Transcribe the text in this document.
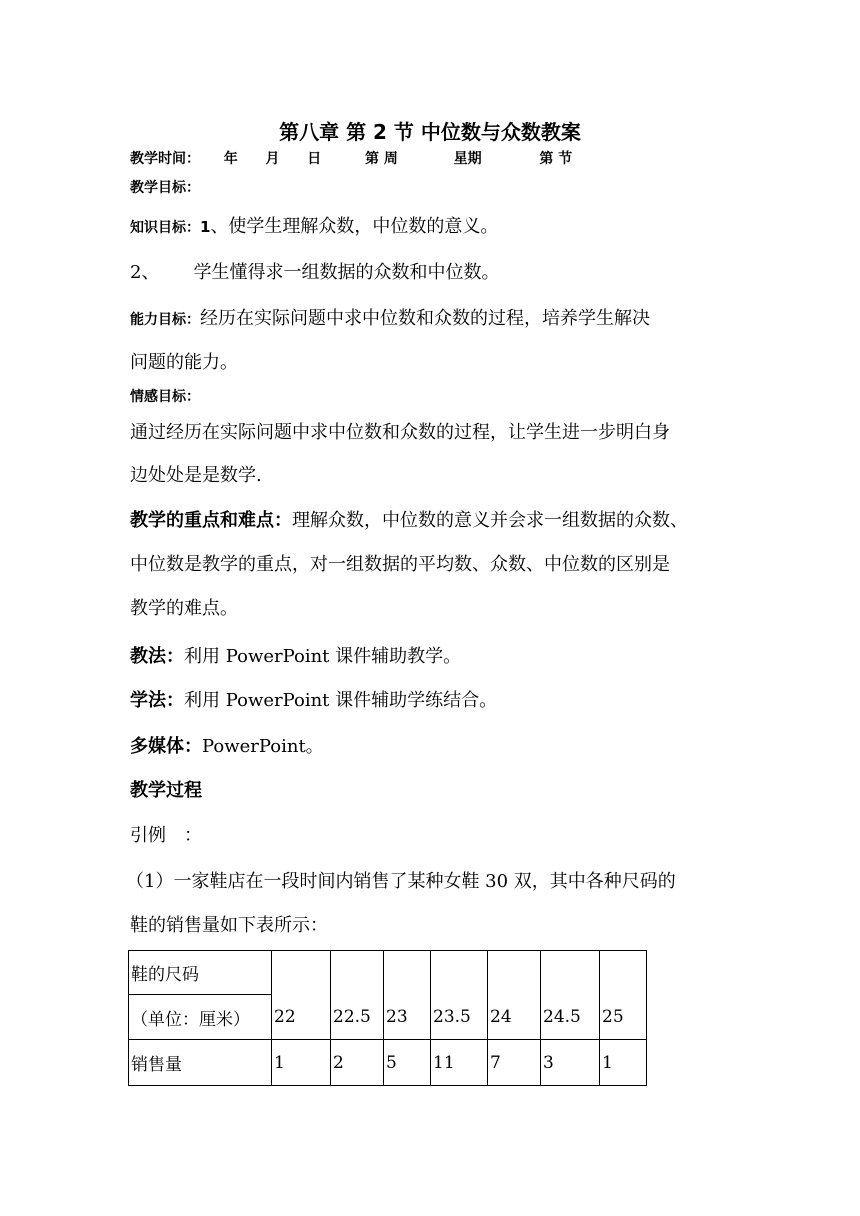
第八章 第 2 节 中位数与众数教案
教学时间： 年 月 日	第 周	星期	第 节
教学目标：
知识目标：1、使学生理解众数，中位数的意义。
2、 学生懂得求一组数据的众数和中位数。
能力目标：经历在实际问题中求中位数和众数的过程，培养学生解决
问题的能力。
情感目标：
通过经历在实际问题中求中位数和众数的过程，让学生进一步明白身
边处处是是数学.
教学的重点和难点：理解众数，中位数的意义并会求一组数据的众数、
中位数是教学的重点，对一组数据的平均数、众数、中位数的区别是
教学的难点。
教法：利用 PowerPoint 课件辅助教学。
学法：利用 PowerPoint 课件辅助学练结合。
多媒体：PowerPoint。
教学过程
引例　：
（1）一家鞋店在一段时间内销售了某种女鞋 30 双，其中各种尺码的
鞋的销售量如下表所示：
鞋的尺码	22	22.5	23	23.5	24	24.5	25
（单位：厘米）							
销售量	1	2	5	11	7	3	1
